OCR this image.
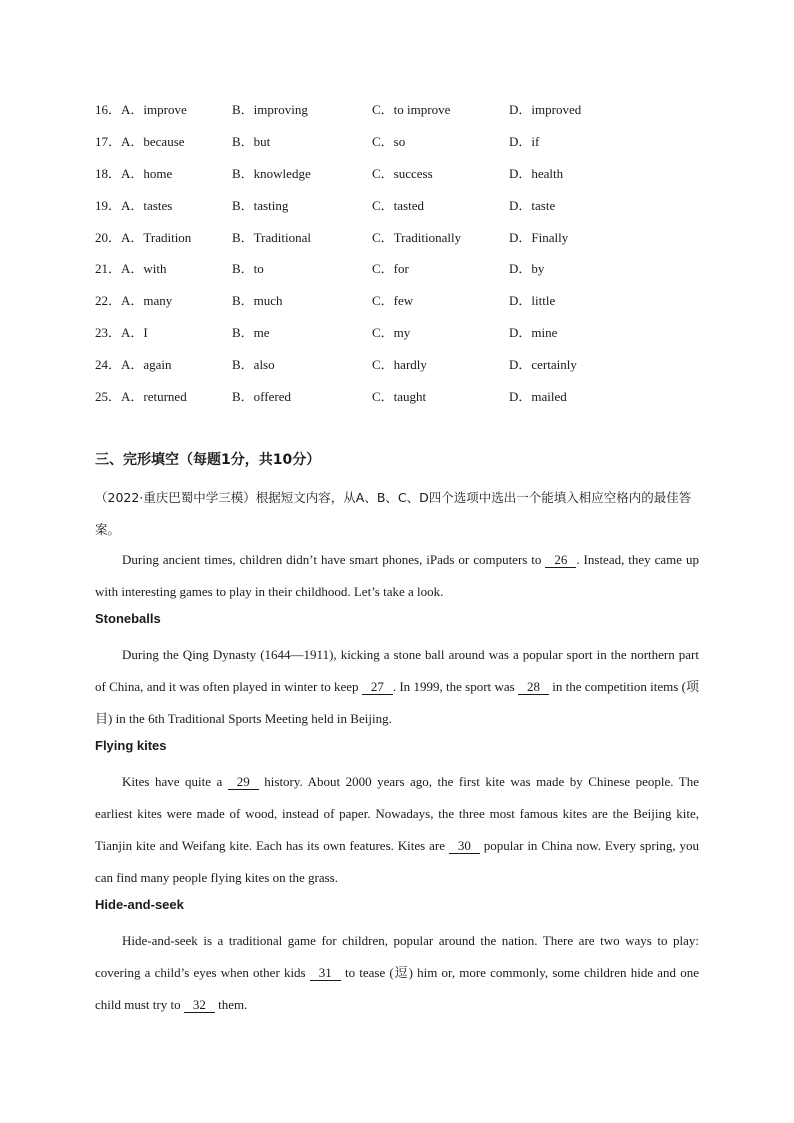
16．A．improve	B．improving	C．to improve	D．improved
17．A．because	B．but	C．so	D．if
18．A．home	B．knowledge	C．success	D．health
19．A．tastes	B．tasting	C．tasted	D．taste
20．A．Tradition	B．Traditional	C．Traditionally	D．Finally
21．A．with	B．to	C．for	D．by
22．A．many	B．much	C．few	D．little
23．A．I	B．me	C．my	D．mine
24．A．again	B．also	C．hardly	D．certainly
25．A．returned	B．offered	C．taught	D．mailed
三、完形填空（每题1分，共10分）
（2022·重庆巴蜀中学三模）根据短文内容，从A、B、C、D四个选项中选出一个能填入相应空格内的最佳答案。
During ancient times, children didn’t have smart phones, iPads or computers to 26 . Instead, they came up with interesting games to play in their childhood. Let’s take a look.
Stoneballs
During the Qing Dynasty (1644—1911), kicking a stone ball around was a popular sport in the northern part of China, and it was often played in winter to keep 27 . In 1999, the sport was 28 in the competition items (项目) in the 6th Traditional Sports Meeting held in Beijing.
Flying kites
Kites have quite a 29 history. About 2000 years ago, the first kite was made by Chinese people. The earliest kites were made of wood, instead of paper. Nowadays, the three most famous kites are the Beijing kite, Tianjin kite and Weifang kite. Each has its own features. Kites are 30 popular in China now. Every spring, you can find many people flying kites on the grass.
Hide-and-seek
Hide-and-seek is a traditional game for children, popular around the nation. There are two ways to play: covering a child’s eyes when other kids 31 to tease (逗) him or, more commonly, some children hide and one child must try to 32 them.
